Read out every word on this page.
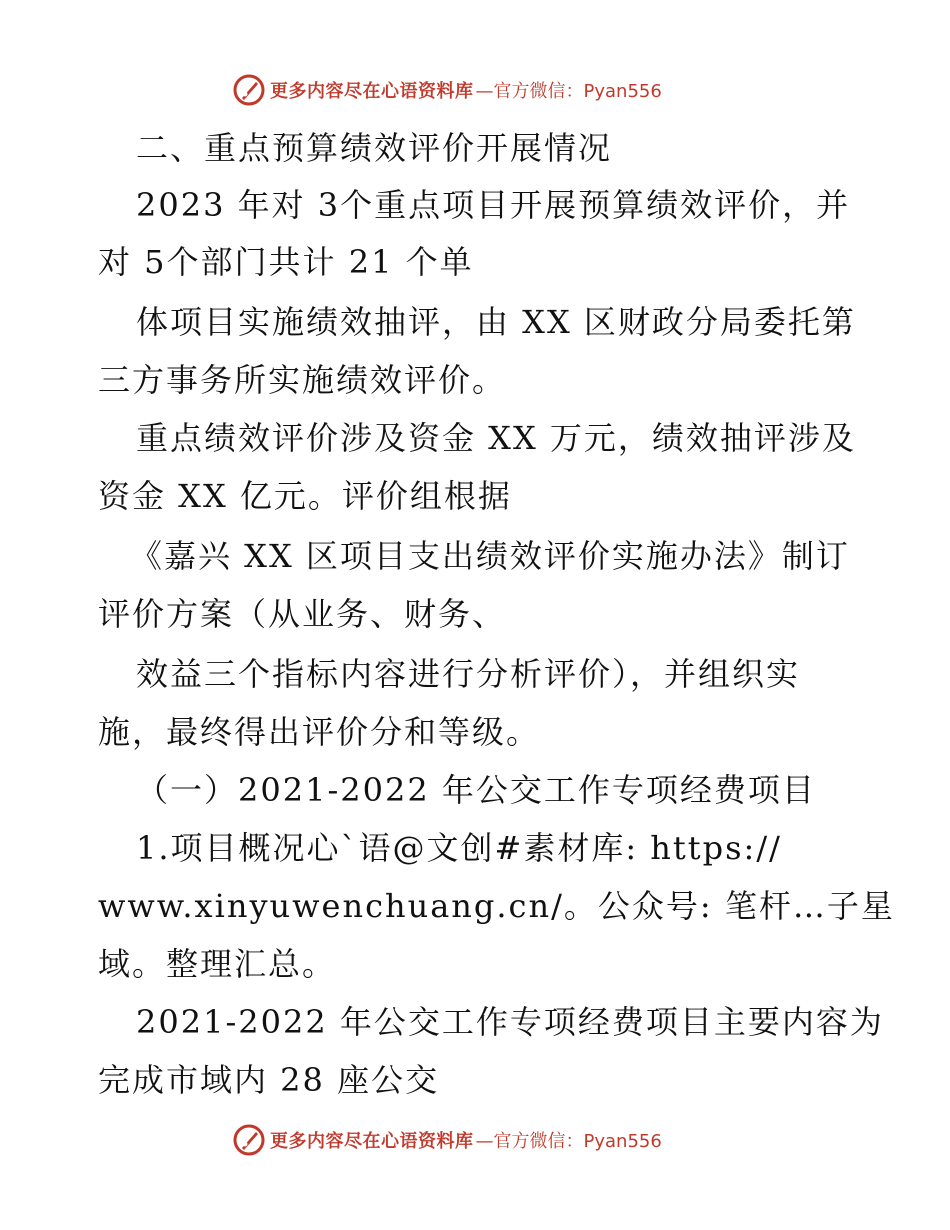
更多内容尽在心语资料库 —官方微信：Pyan556
二、重点预算绩效评价开展情况
2023 年对 3个重点项目开展预算绩效评价，并
对 5个部门共计 21 个单
体项目实施绩效抽评，由 XX 区财政分局委托第
三方事务所实施绩效评价。
重点绩效评价涉及资金 XX 万元，绩效抽评涉及
资金 XX 亿元。评价组根据
《嘉兴 XX 区项目支出绩效评价实施办法》制订
评价方案（从业务、财务、
效益三个指标内容进行分析评价），并组织实
施，最终得出评价分和等级。
（一）2021-2022 年公交工作专项经费项目
1.项目概况心`语@文创#素材库: https://
www.xinyuwenchuang.cn/。公众号: 笔杆…子星
域。整理汇总。
2021-2022 年公交工作专项经费项目主要内容为
完成市域内 28 座公交
更多内容尽在心语资料库 —官方微信：Pyan556
